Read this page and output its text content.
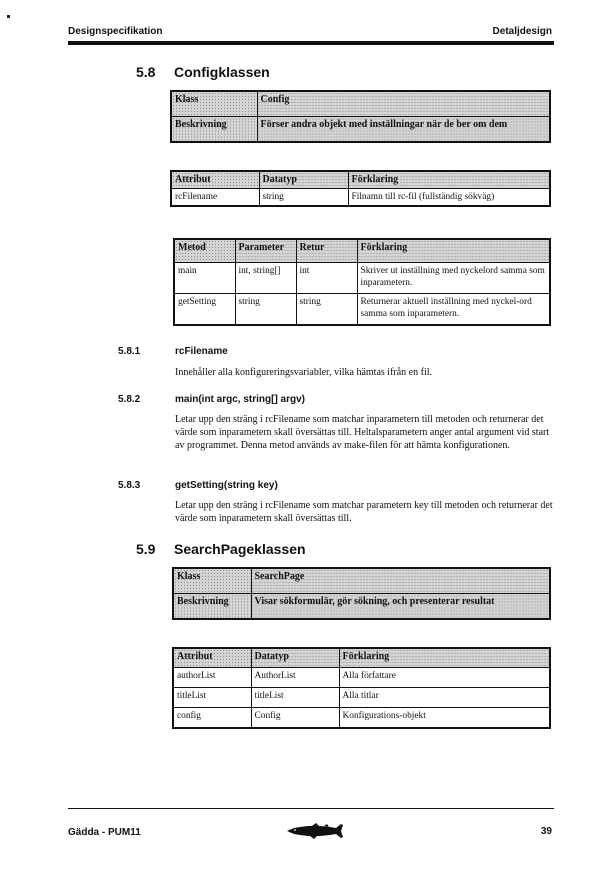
Designspecifikation	Detaljdesign
5.8 Configklassen
Klass	Config
Beskrivning	Förser andra objekt med inställningar när de ber om dem
Attribut	Datatyp	Förklaring
rcFilename	string	Filnamn till rc-fil (fullständig sökväg)
Metod	Parameter	Retur	Förklaring
main	int, string[]	int	Skriver ut inställning med nyckelord samma som inparametern.
getSetting	string	string	Returnerar aktuell inställning med nyckel-ord samma som inparametern.
5.8.1	rcFilename
Innehåller alla konfigureringsvariabler, vilka hämtas ifrån en fil.
5.8.2	main(int argc, string[] argv)
Letar upp den sträng i rcFilename som matchar inparametern till metoden och returnerar det värde som inparametern skall översättas till. Heltalsparametern anger antal argument vid start av programmet. Denna metod används av make-filen för att hämta konfigurationen.
5.8.3	getSetting(string key)
Letar upp den sträng i rcFilename som matchar parametern key till metoden och returnerar det värde som inparametern skall översättas till.
5.9 SearchPageklassen
Klass	SearchPage
Beskrivning	Visar sökformulär, gör sökning, och presenterar resultat
Attribut	Datatyp	Förklaring
authorList	AuthorList	Alla författare
titleList	titleList	Alla titlar
config	Config	Konfigurations-objekt
Gädda - PUM11	39
